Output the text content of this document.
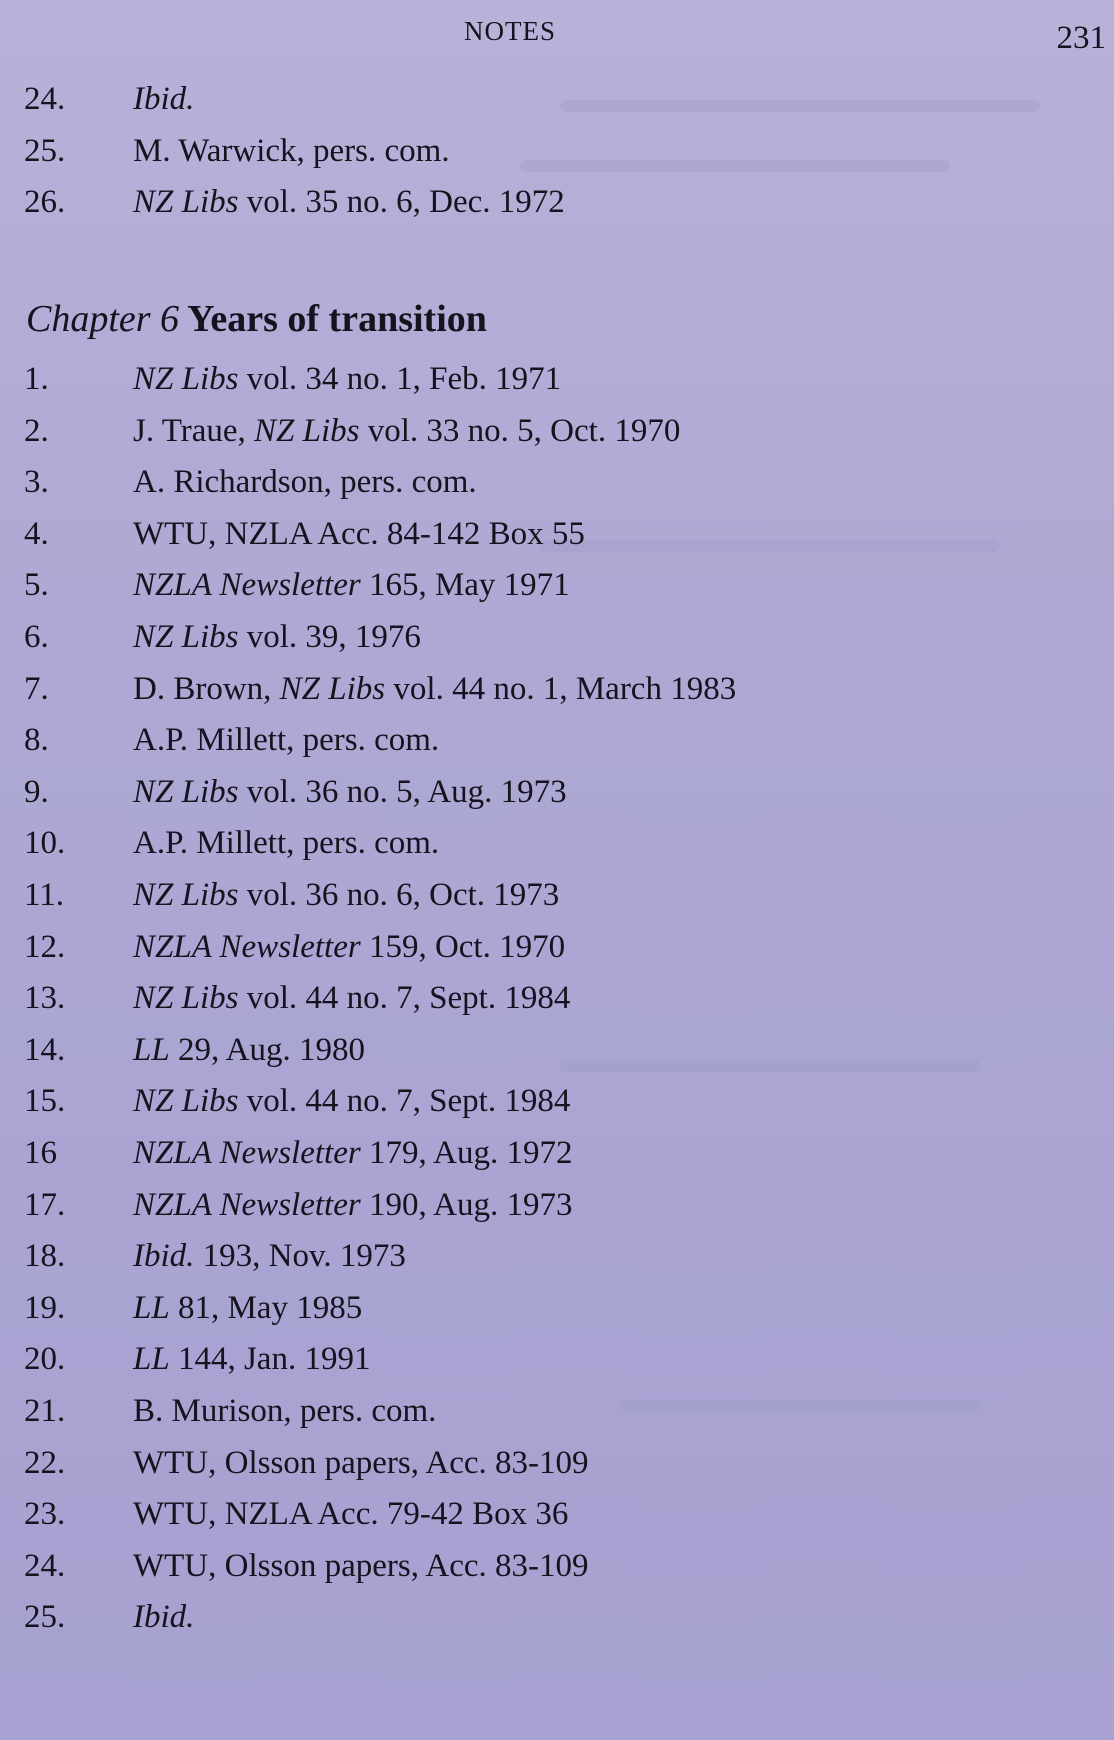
NOTES	231
Chapter 6 Years of transition
24.	Ibid.
25.	M. Warwick, pers. com.
26.	NZ Libs vol. 35 no. 6, Dec. 1972
1.	NZ Libs vol. 34 no. 1, Feb. 1971
2.	J. Traue, NZ Libs vol. 33 no. 5, Oct. 1970
3.	A. Richardson, pers. com.
4.	WTU, NZLA Acc. 84-142 Box 55
5.	NZLA Newsletter 165, May 1971
6.	NZ Libs vol. 39, 1976
7.	D. Brown, NZ Libs vol. 44 no. 1, March 1983
8.	A.P. Millett, pers. com.
9.	NZ Libs vol. 36 no. 5, Aug. 1973
10.	A.P. Millett, pers. com.
11.	NZ Libs vol. 36 no. 6, Oct. 1973
12.	NZLA Newsletter 159, Oct. 1970
13.	NZ Libs vol. 44 no. 7, Sept. 1984
14.	LL 29, Aug. 1980
15.	NZ Libs vol. 44 no. 7, Sept. 1984
16	NZLA Newsletter 179, Aug. 1972
17.	NZLA Newsletter 190, Aug. 1973
18.	Ibid. 193, Nov. 1973
19.	LL 81, May 1985
20.	LL 144, Jan. 1991
21.	B. Murison, pers. com.
22.	WTU, Olsson papers, Acc. 83-109
23.	WTU, NZLA Acc. 79-42 Box 36
24.	WTU, Olsson papers, Acc. 83-109
25.	Ibid.
